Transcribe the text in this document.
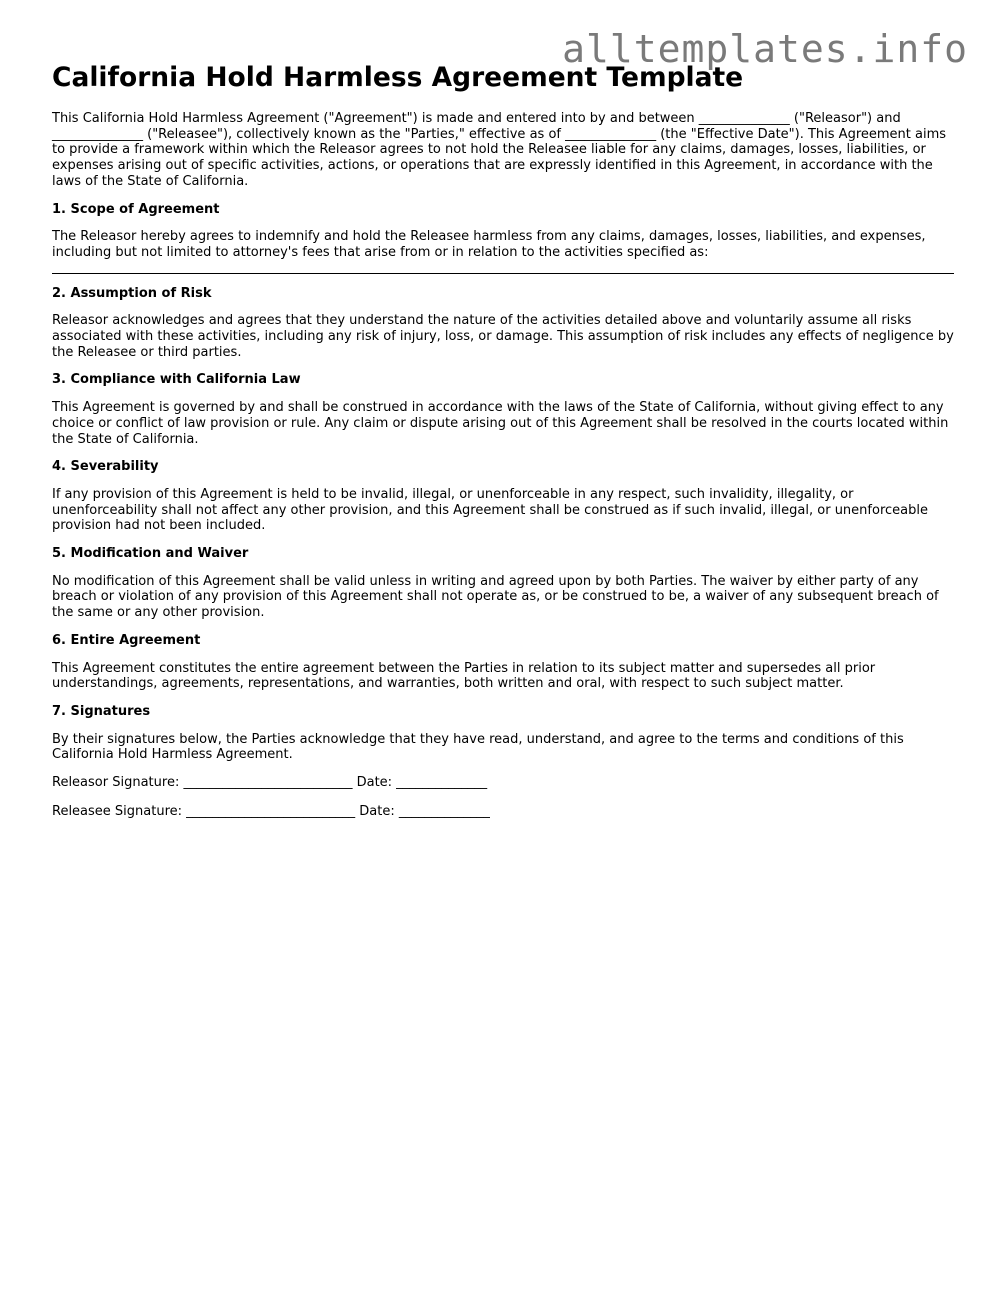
alltemplates.info
California Hold Harmless Agreement Template

This California Hold Harmless Agreement ("Agreement") is made and entered into by and between ______________ ("Releasor") and ______________ ("Releasee"), collectively known as the "Parties," effective as of ______________ (the "Effective Date"). This Agreement aims to provide a framework within which the Releasor agrees to not hold the Releasee liable for any claims, damages, losses, liabilities, or expenses arising out of specific activities, actions, or operations that are expressly identified in this Agreement, in accordance with the laws of the State of California.

1. Scope of Agreement

The Releasor hereby agrees to indemnify and hold the Releasee harmless from any claims, damages, losses, liabilities, and expenses, including but not limited to attorney's fees that arise from or in relation to the activities specified as:

2. Assumption of Risk

Releasor acknowledges and agrees that they understand the nature of the activities detailed above and voluntarily assume all risks associated with these activities, including any risk of injury, loss, or damage. This assumption of risk includes any effects of negligence by the Releasee or third parties.

3. Compliance with California Law

This Agreement is governed by and shall be construed in accordance with the laws of the State of California, without giving effect to any choice or conflict of law provision or rule. Any claim or dispute arising out of this Agreement shall be resolved in the courts located within the State of California.

4. Severability

If any provision of this Agreement is held to be invalid, illegal, or unenforceable in any respect, such invalidity, illegality, or unenforceability shall not affect any other provision, and this Agreement shall be construed as if such invalid, illegal, or unenforceable provision had not been included.

5. Modification and Waiver

No modification of this Agreement shall be valid unless in writing and agreed upon by both Parties. The waiver by either party of any breach or violation of any provision of this Agreement shall not operate as, or be construed to be, a waiver of any subsequent breach of the same or any other provision.

6. Entire Agreement

This Agreement constitutes the entire agreement between the Parties in relation to its subject matter and supersedes all prior understandings, agreements, representations, and warranties, both written and oral, with respect to such subject matter.

7. Signatures

By their signatures below, the Parties acknowledge that they have read, understand, and agree to the terms and conditions of this California Hold Harmless Agreement.

Releasor Signature: __________________________ Date: ______________
Releasee Signature: __________________________ Date: ______________
